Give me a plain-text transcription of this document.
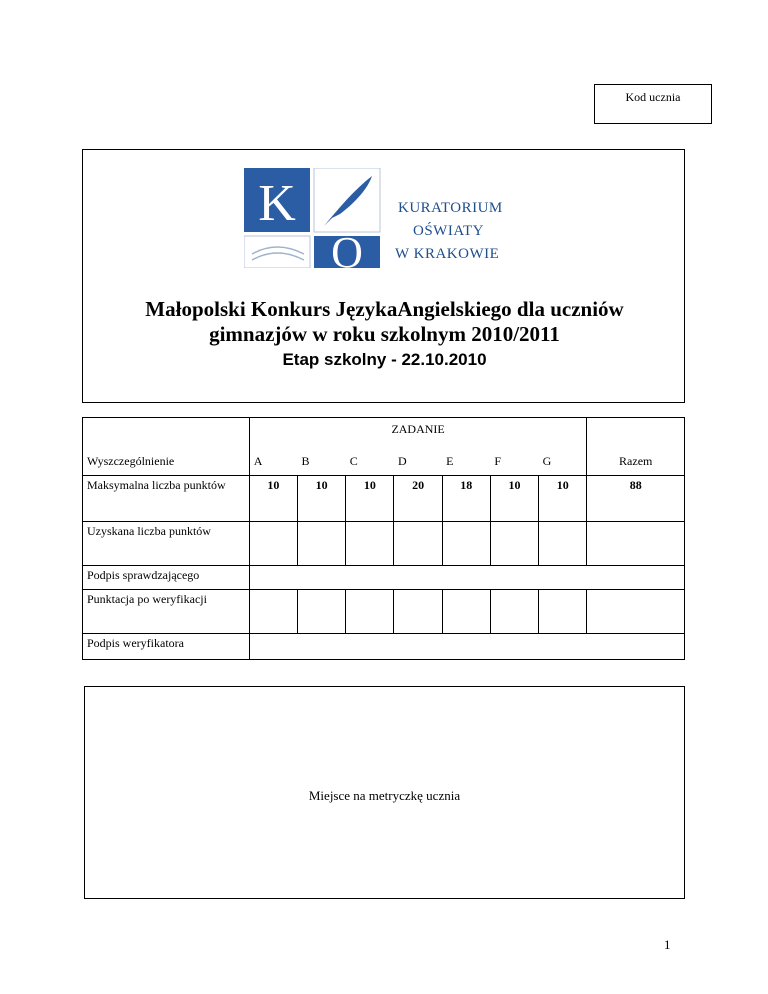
Kod ucznia
K
O
KURATORIUM
OŚWIATY
W KRAKOWIE
Małopolski Konkurs JęzykaAngielskiego dla uczniów
gimnazjów w roku szkolnym 2010/2011
Etap szkolny - 22.10.2010
Wyszczególnienie	ZADANIE							Razem
	A	B	C	D	E	F	G	
Maksymalna liczba punktów	10	10	10	20	18	10	10	88
Uzyskana liczba punktów								
Podpis sprawdzającego								
Punktacja po weryfikacji								
Podpis weryfikatora								
Miejsce na metryczkę ucznia
1
